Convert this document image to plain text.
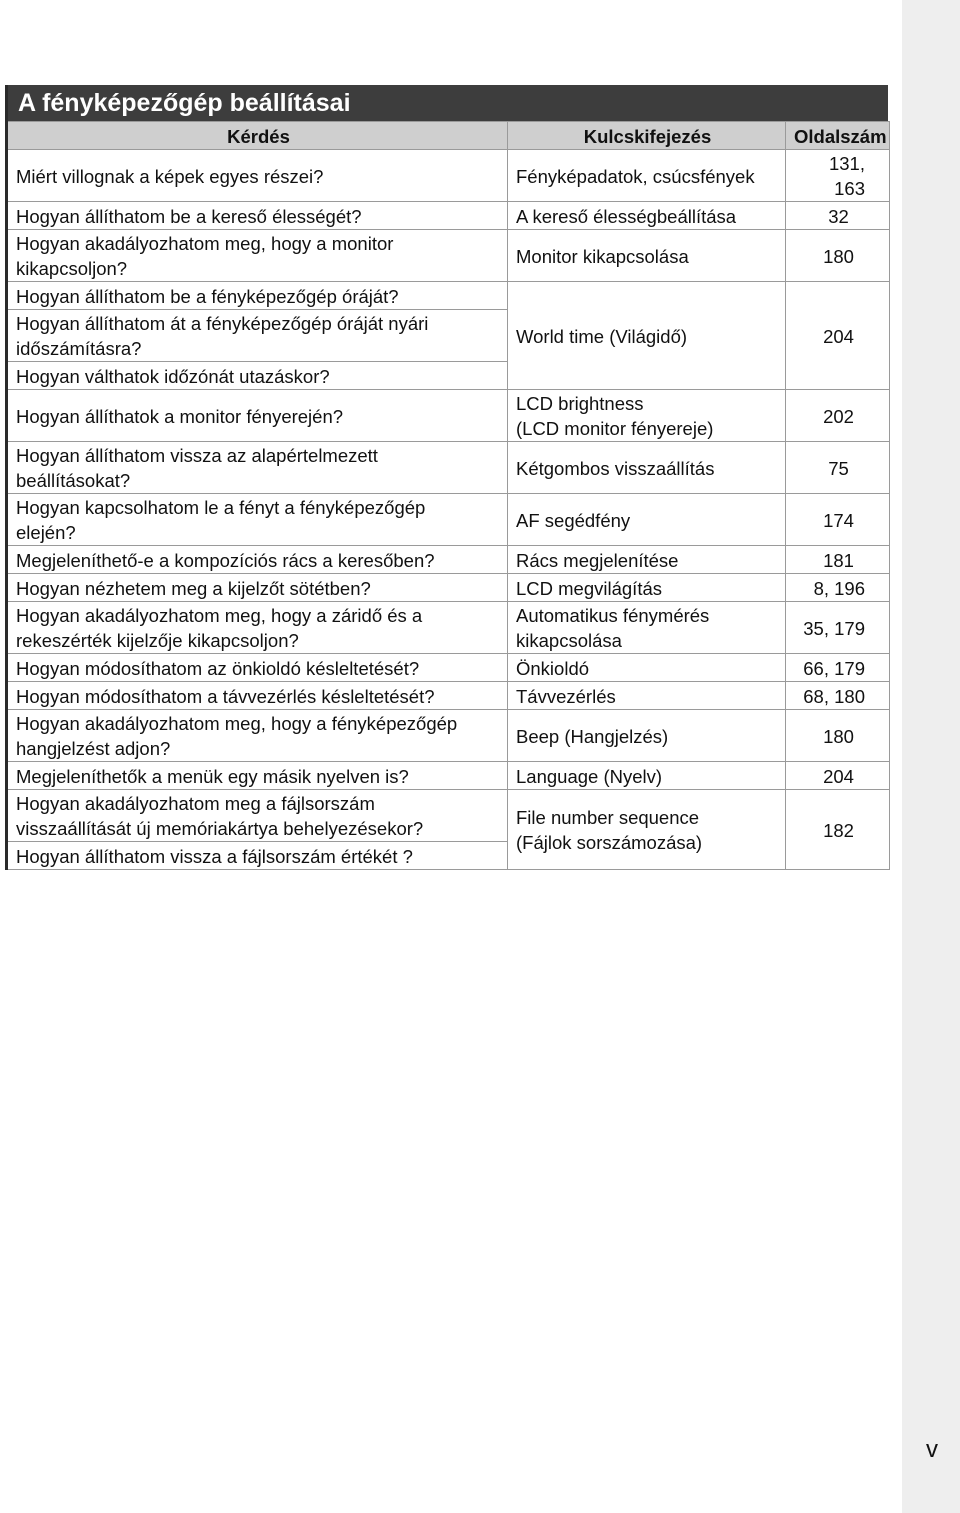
v
A fényképezőgép beállításai
Kérdés	Kulcskifejezés	Oldalszám

Miért villognak a képek egyes részei?	Fényképadatok, csúcsfények	131, 163

Hogyan állíthatom be a kereső élességét?	A kereső élességbeállítása	32

Hogyan akadályozhatom meg, hogy a monitor
kikapcsoljon?	Monitor kikapcsolása	180

Hogyan állíthatom be a fényképezőgép óráját?	World time (Világidő)	204

Hogyan állíthatom át a fényképezőgép óráját nyári
időszámításra?		

Hogyan válthatok időzónát utazáskor?		

Hogyan állíthatok a monitor fényerején?	LCD brightness
(LCD monitor fényereje)	202

Hogyan állíthatom vissza az alapértelmezett
beállításokat?	Kétgombos visszaállítás	75

Hogyan kapcsolhatom le a fényt a fényképezőgép
elején?	AF segédfény	174

Megjeleníthető-e a kompozíciós rács a keresőben?	Rács megjelenítése	181

Hogyan nézhetem meg a kijelzőt sötétben?	LCD megvilágítás	8, 196

Hogyan akadályozhatom meg, hogy a záridő és a
rekeszérték kijelzője kikapcsoljon?	Automatikus fénymérés
kikapcsolása	35, 179

Hogyan módosíthatom az önkioldó késleltetését?	Önkioldó	66, 179

Hogyan módosíthatom a távvezérlés késleltetését?	Távvezérlés	68, 180

Hogyan akadályozhatom meg, hogy a fényképezőgép
hangjelzést adjon?	Beep (Hangjelzés)	180

Megjeleníthetők a menük egy másik nyelven is?	Language (Nyelv)	204

Hogyan akadályozhatom meg a fájlsorszám
visszaállítását új memóriakártya behelyezésekor?	File number sequence
(Fájlok sorszámozása)	182

Hogyan állíthatom vissza a fájlsorszám értékét ?		
